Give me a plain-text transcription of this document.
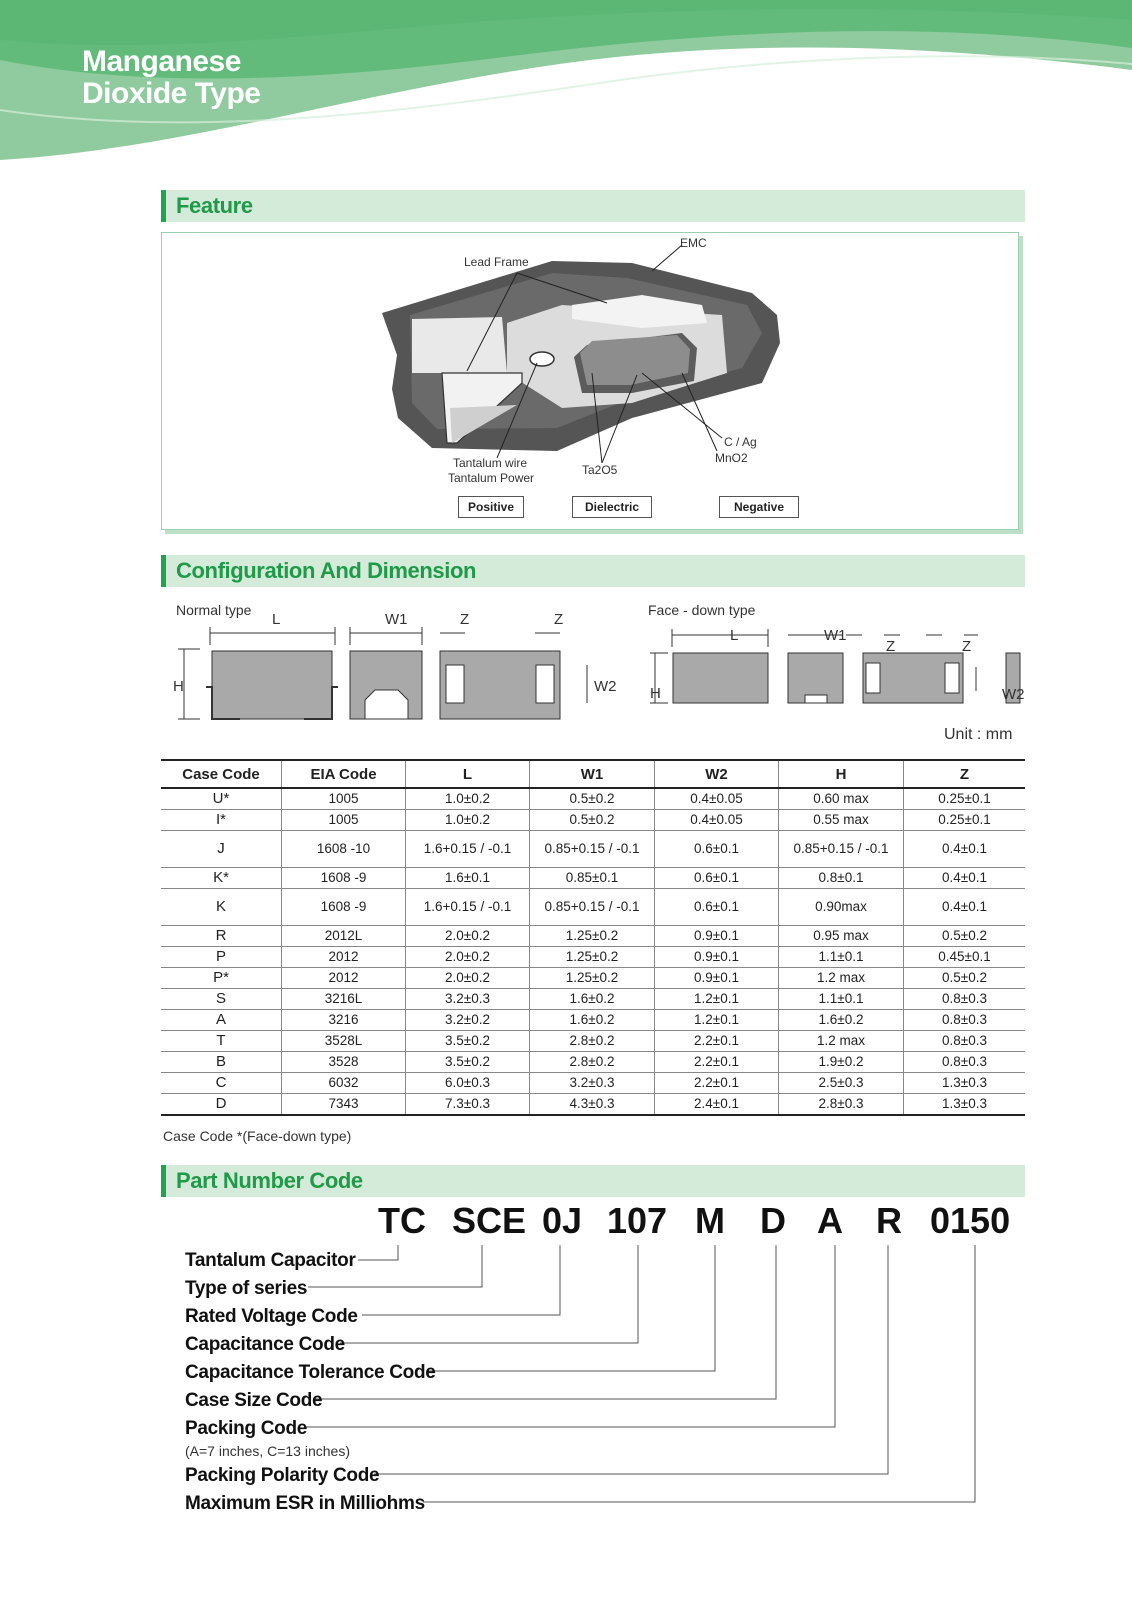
Manganese
Dioxide Type
Feature
EMC
Lead Frame
C / Ag
MnO2
Ta2O5
Tantalum wire
Tantalum Power
Positive	Dielectric	Negative
Configuration And Dimension
Normal type	Face - down type
L	W1	Z	Z
H	W2
L	W1
Z	Z
H	W2
Unit : mm
Case Code	EIA Code	L	W1	W2	H	Z
U*	1005	1.0±0.2	0.5±0.2	0.4±0.05	0.60 max	0.25±0.1
I*	1005	1.0±0.2	0.5±0.2	0.4±0.05	0.55 max	0.25±0.1
J	1608 -10	1.6+0.15 / -0.1	0.85+0.15 / -0.1	0.6±0.1	0.85+0.15 / -0.1	0.4±0.1
K*	1608 -9	1.6±0.1	0.85±0.1	0.6±0.1	0.8±0.1	0.4±0.1
K	1608 -9	1.6+0.15 / -0.1	0.85+0.15 / -0.1	0.6±0.1	0.90max	0.4±0.1
R	2012L	2.0±0.2	1.25±0.2	0.9±0.1	0.95 max	0.5±0.2
P	2012	2.0±0.2	1.25±0.2	0.9±0.1	1.1±0.1	0.45±0.1
P*	2012	2.0±0.2	1.25±0.2	0.9±0.1	1.2 max	0.5±0.2
S	3216L	3.2±0.3	1.6±0.2	1.2±0.1	1.1±0.1	0.8±0.3
A	3216	3.2±0.2	1.6±0.2	1.2±0.1	1.6±0.2	0.8±0.3
T	3528L	3.5±0.2	2.8±0.2	2.2±0.1	1.2 max	0.8±0.3
B	3528	3.5±0.2	2.8±0.2	2.2±0.1	1.9±0.2	0.8±0.3
C	6032	6.0±0.3	3.2±0.3	2.2±0.1	2.5±0.3	1.3±0.3
D	7343	7.3±0.3	4.3±0.3	2.4±0.1	2.8±0.3	1.3±0.3
Case Code *(Face-down type)
Part Number Code
TC SCE 0J 107 M D A R 0150
Tantalum Capacitor
Type of series
Rated Voltage Code
Capacitance Code
Capacitance Tolerance Code
Case Size Code
Packing Code
(A=7 inches, C=13 inches)
Packing Polarity Code
Maximum ESR in Milliohms
